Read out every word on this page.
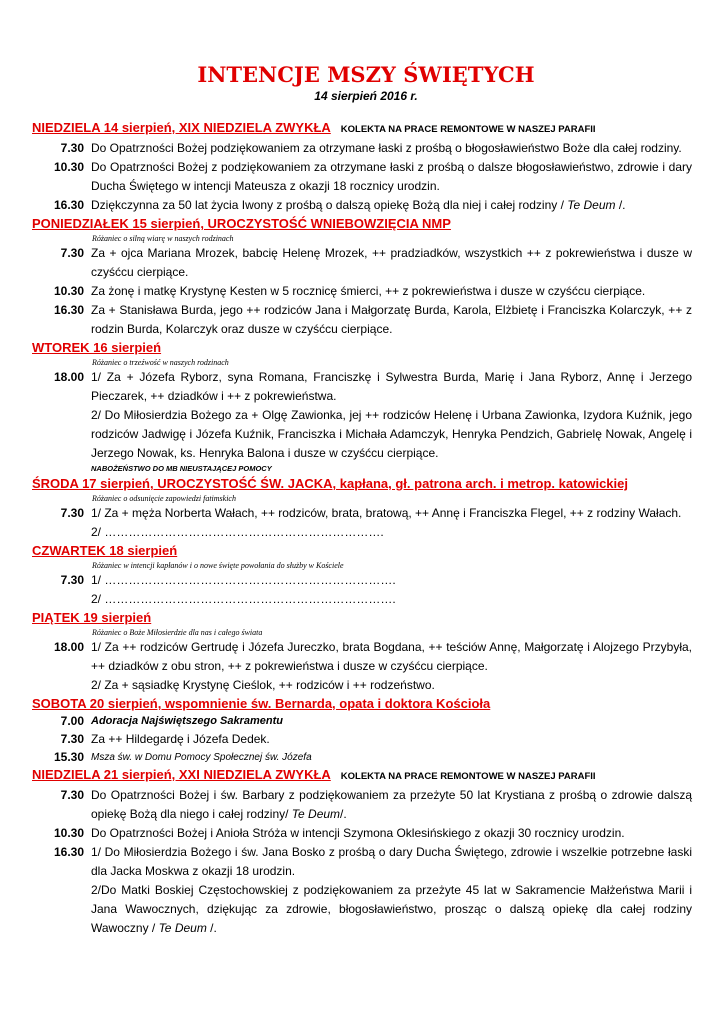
INTENCJE MSZY ŚWIĘTYCH
14 sierpień 2016 r.
NIEDZIELA 14 sierpień, XIX NIEDZIELA ZWYKŁA KOLEKTA NA PRACE REMONTOWE W NASZEJ PARAFII
7.30 Do Opatrzności Bożej podziękowaniem za otrzymane łaski z prośbą o błogosławieństwo Boże dla całej rodziny.
10.30 Do Opatrzności Bożej z podziękowaniem za otrzymane łaski z prośbą o dalsze błogosławieństwo, zdrowie i dary Ducha Świętego w intencji Mateusza z okazji 18 rocznicy urodzin.
16.30 Dziękczynna za 50 lat życia Iwony z prośbą o dalszą opiekę Bożą dla niej i całej rodziny / Te Deum /.
PONIEDZIAŁEK 15 sierpień, UROCZYSTOŚĆ WNIEBOWZIĘCIA NMP
Różaniec o silną wiarę w naszych rodzinach
7.30 Za + ojca Mariana Mrozek, babcię Helenę Mrozek, ++ pradziadków, wszystkich ++ z pokrewieństwa i dusze w czyśćcu cierpiące.
10.30 Za żonę i matkę Krystynę Kesten w 5 rocznicę śmierci, ++ z pokrewieństwa i dusze w czyśćcu cierpiące.
16.30 Za + Stanisława Burda, jego ++ rodziców Jana i Małgorzatę Burda, Karola, Elżbietę i Franciszka Kolarczyk, ++ z rodzin Burda, Kolarczyk oraz dusze w czyśćcu cierpiące.
WTOREK 16 sierpień
Różaniec o trzeźwość w naszych rodzinach
18.00 1/ Za + Józefa Ryborz, syna Romana, Franciszkę i Sylwestra Burda, Marię i Jana Ryborz, Annę i Jerzego Pieczarek, ++ dziadków i ++ z pokrewieństwa.
2/ Do Miłosierdzia Bożego za + Olgę Zawionka, jej ++ rodziców Helenę i Urbana Zawionka, Izydora Kuźnik, jego rodziców Jadwigę i Józefa Kuźnik, Franciszka i Michała Adamczyk, Henryka Pendzich, Gabrielę Nowak, Angelę i Jerzego Nowak, ks. Henryka Balona i dusze w czyśćcu cierpiące.
NABOŻEŃSTWO DO MB NIEUSTAJĄCEJ POMOCY
ŚRODA 17 sierpień, UROCZYSTOŚĆ ŚW. JACKA, kapłana, gł. patrona arch. i metrop. katowickiej
Różaniec o odsunięcie zapowiedzi fatimskich
7.30 1/ Za + męża Norberta Wałach, ++ rodziców, brata, bratową, ++ Annę i Franciszka Flegel, ++ z rodziny Wałach.
2/ …………………………………………………………….
CZWARTEK 18 sierpień
Różaniec w intencji kapłanów i o nowe święte powołania do służby w Kościele
7.30 1/ ……………………………………………………………….
2/ ……………………………………………………………….
PIĄTEK 19 sierpień
Różaniec o Boże Miłosierdzie dla nas i całego świata
18.00 1/ Za ++ rodziców Gertrudę i Józefa Jureczko, brata Bogdana, ++ teściów Annę, Małgorzatę i Alojzego Przybyła, ++ dziadków z obu stron, ++ z pokrewieństwa i dusze w czyśćcu cierpiące.
2/ Za + sąsiadkę Krystynę Cieślok, ++ rodziców i ++ rodzeństwo.
SOBOTA 20 sierpień, wspomnienie św. Bernarda, opata i doktora Kościoła
7.00 Adoracja Najświętszego Sakramentu
7.30 Za ++ Hildegardę i Józefa Dedek.
15.30 Msza św. w Domu Pomocy Społecznej św. Józefa
NIEDZIELA 21 sierpień, XXI NIEDZIELA ZWYKŁA KOLEKTA NA PRACE REMONTOWE W NASZEJ PARAFII
7.30 Do Opatrzności Bożej i św. Barbary z podziękowaniem za przeżyte 50 lat Krystiana z prośbą o zdrowie dalszą opiekę Bożą dla niego i całej rodziny/ Te Deum/.
10.30 Do Opatrzności Bożej i Anioła Stróża w intencji Szymona Oklesińskiego z okazji 30 rocznicy urodzin.
16.30 1/ Do Miłosierdzia Bożego i św. Jana Bosko z prośbą o dary Ducha Świętego, zdrowie i wszelkie potrzebne łaski dla Jacka Moskwa z okazji 18 urodzin.
2/Do Matki Boskiej Częstochowskiej z podziękowaniem za przeżyte 45 lat w Sakramencie Małżeństwa Marii i Jana Wawocznych, dziękując za zdrowie, błogosławieństwo, prosząc o dalszą opiekę dla całej rodziny Wawoczny / Te Deum /.
